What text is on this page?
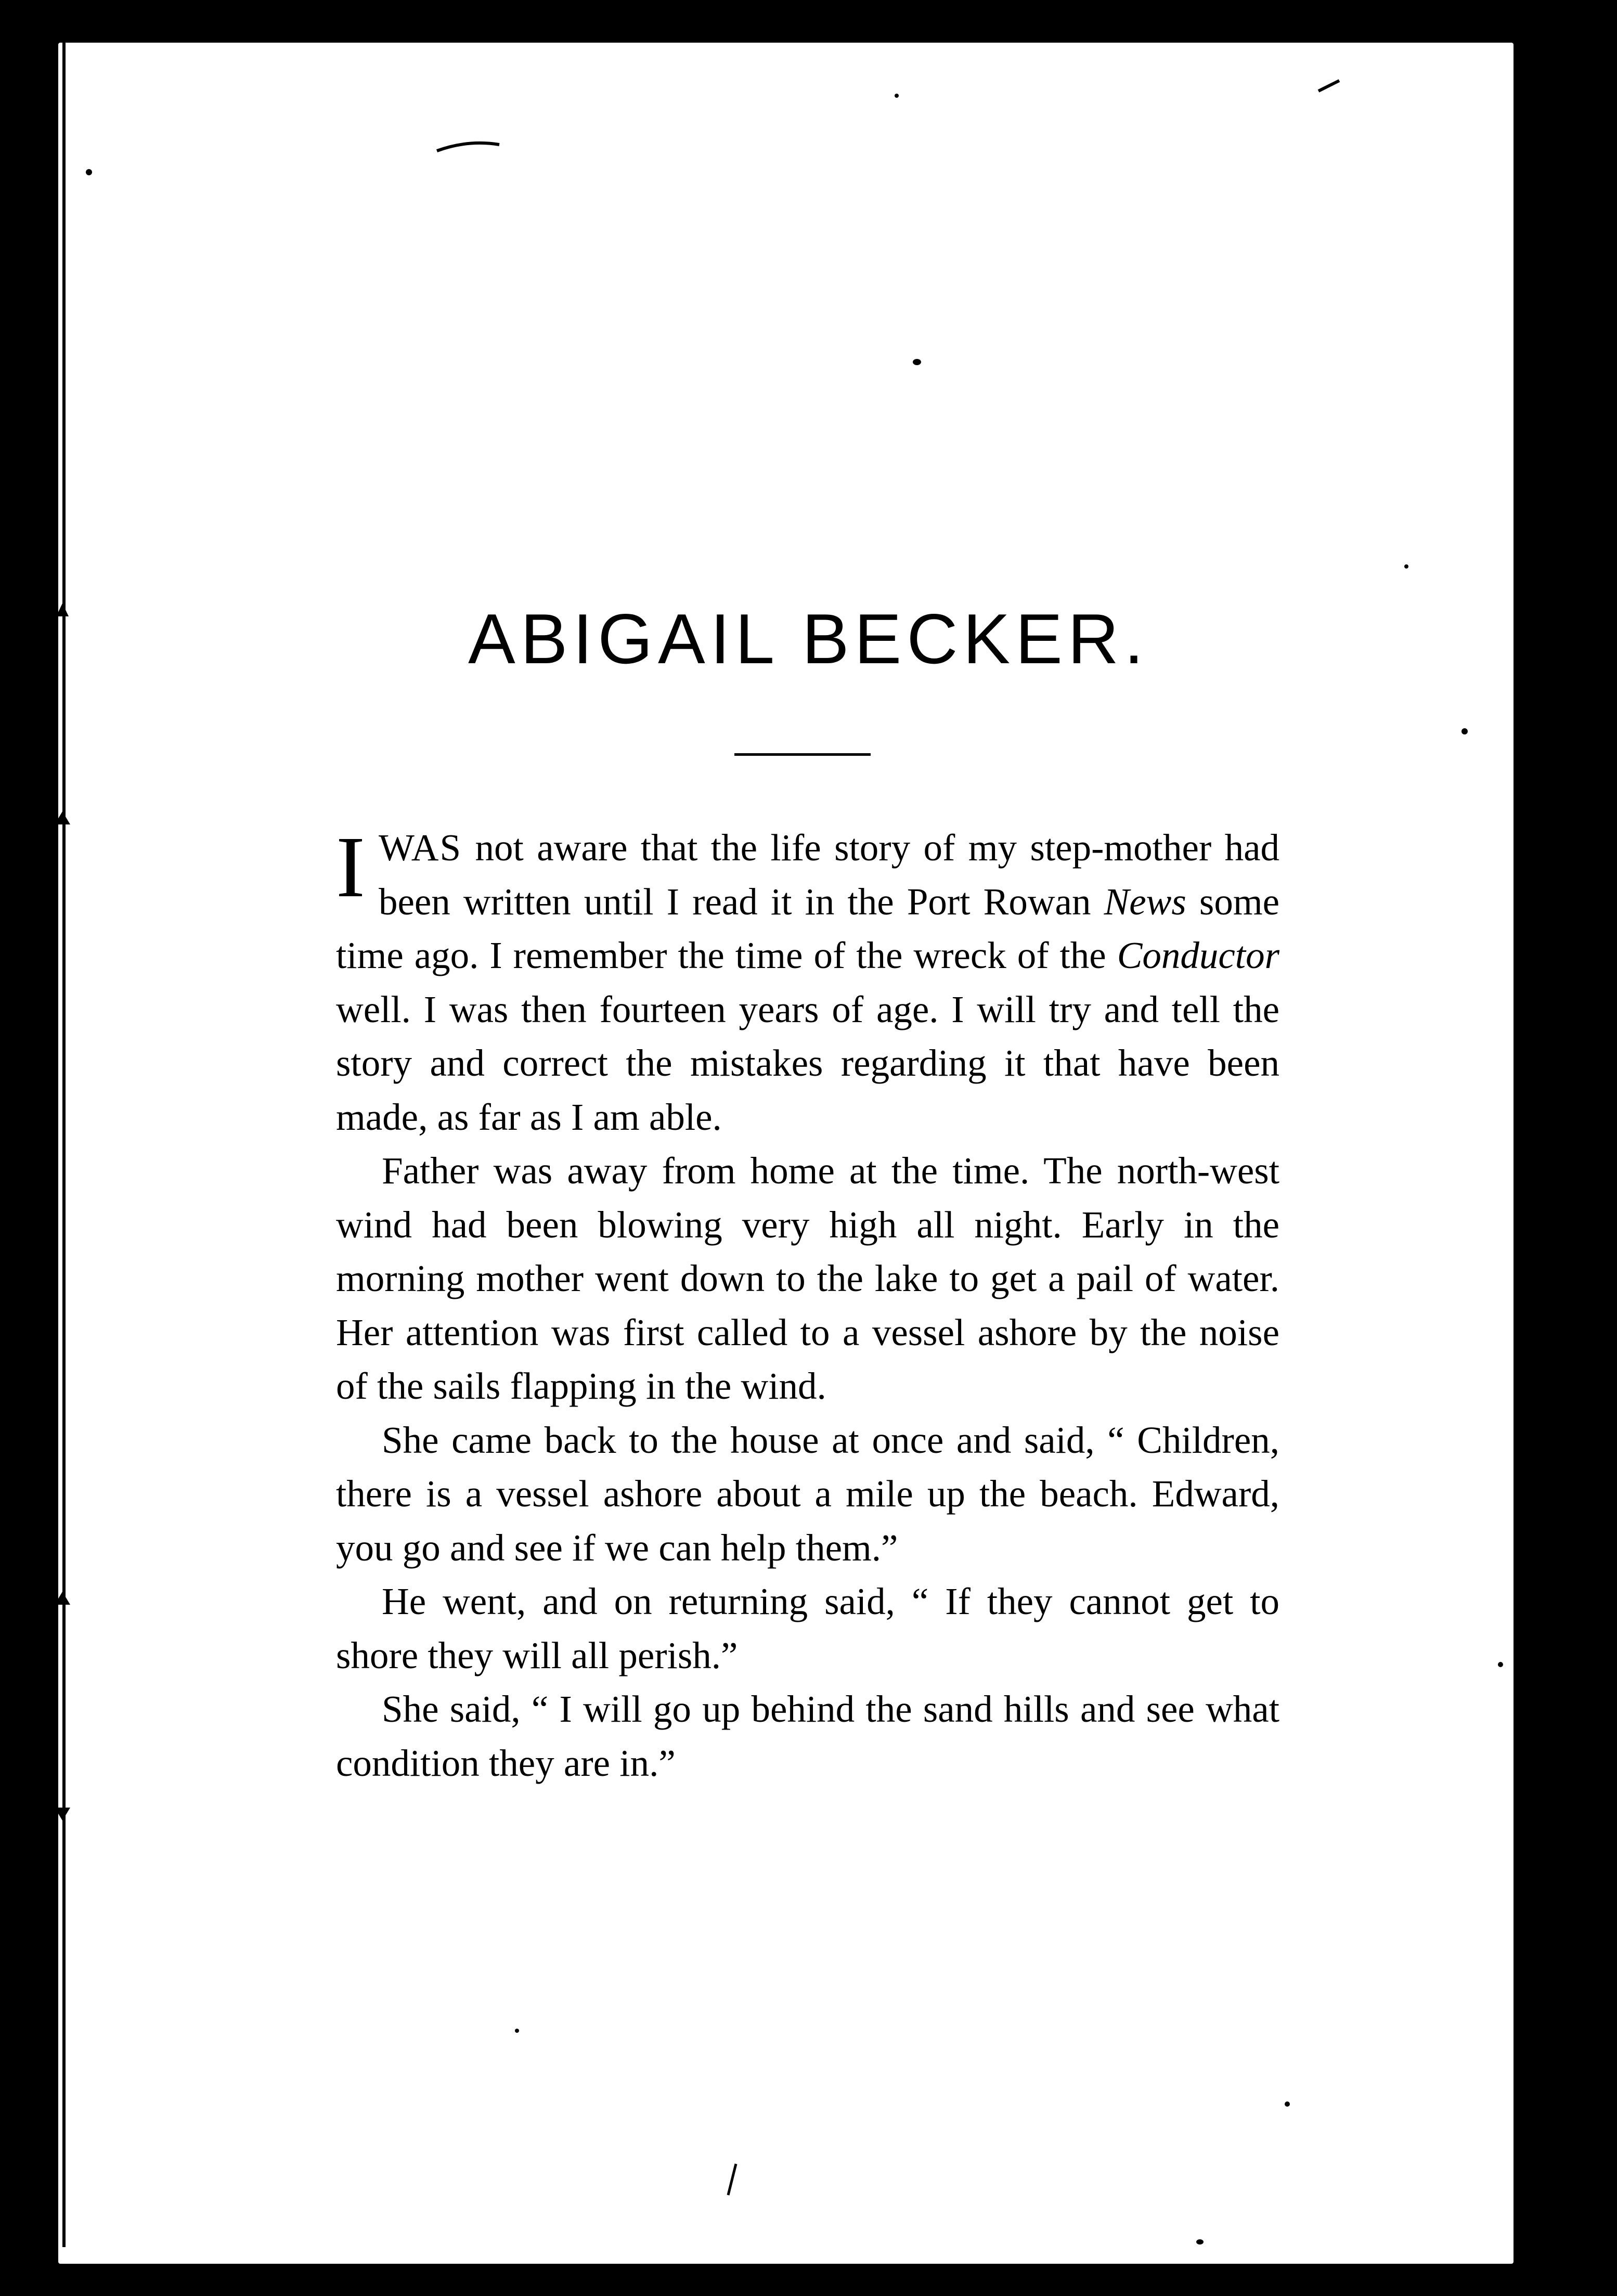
ABIGAIL BECKER.

IWAS not aware that the life story of my step-mother had been written until I read it in the Port Rowan News some time ago. I remember the time of the wreck of the Conductor well. I was then fourteen years of age. I will try and tell the story and correct the mistakes regarding it that have been made, as far as I am able.

Father was away from home at the time. The north-west wind had been blowing very high all night. Early in the morning mother went down to the lake to get a pail of water. Her attention was first called to a vessel ashore by the noise of the sails flapping in the wind.

She came back to the house at once and said, “ Children, there is a vessel ashore about a mile up the beach. Edward, you go and see if we can help them.”

He went, and on returning said, “ If they cannot get to shore they will all perish.”

She said, “ I will go up behind the sand hills and see what condition they are in.”
